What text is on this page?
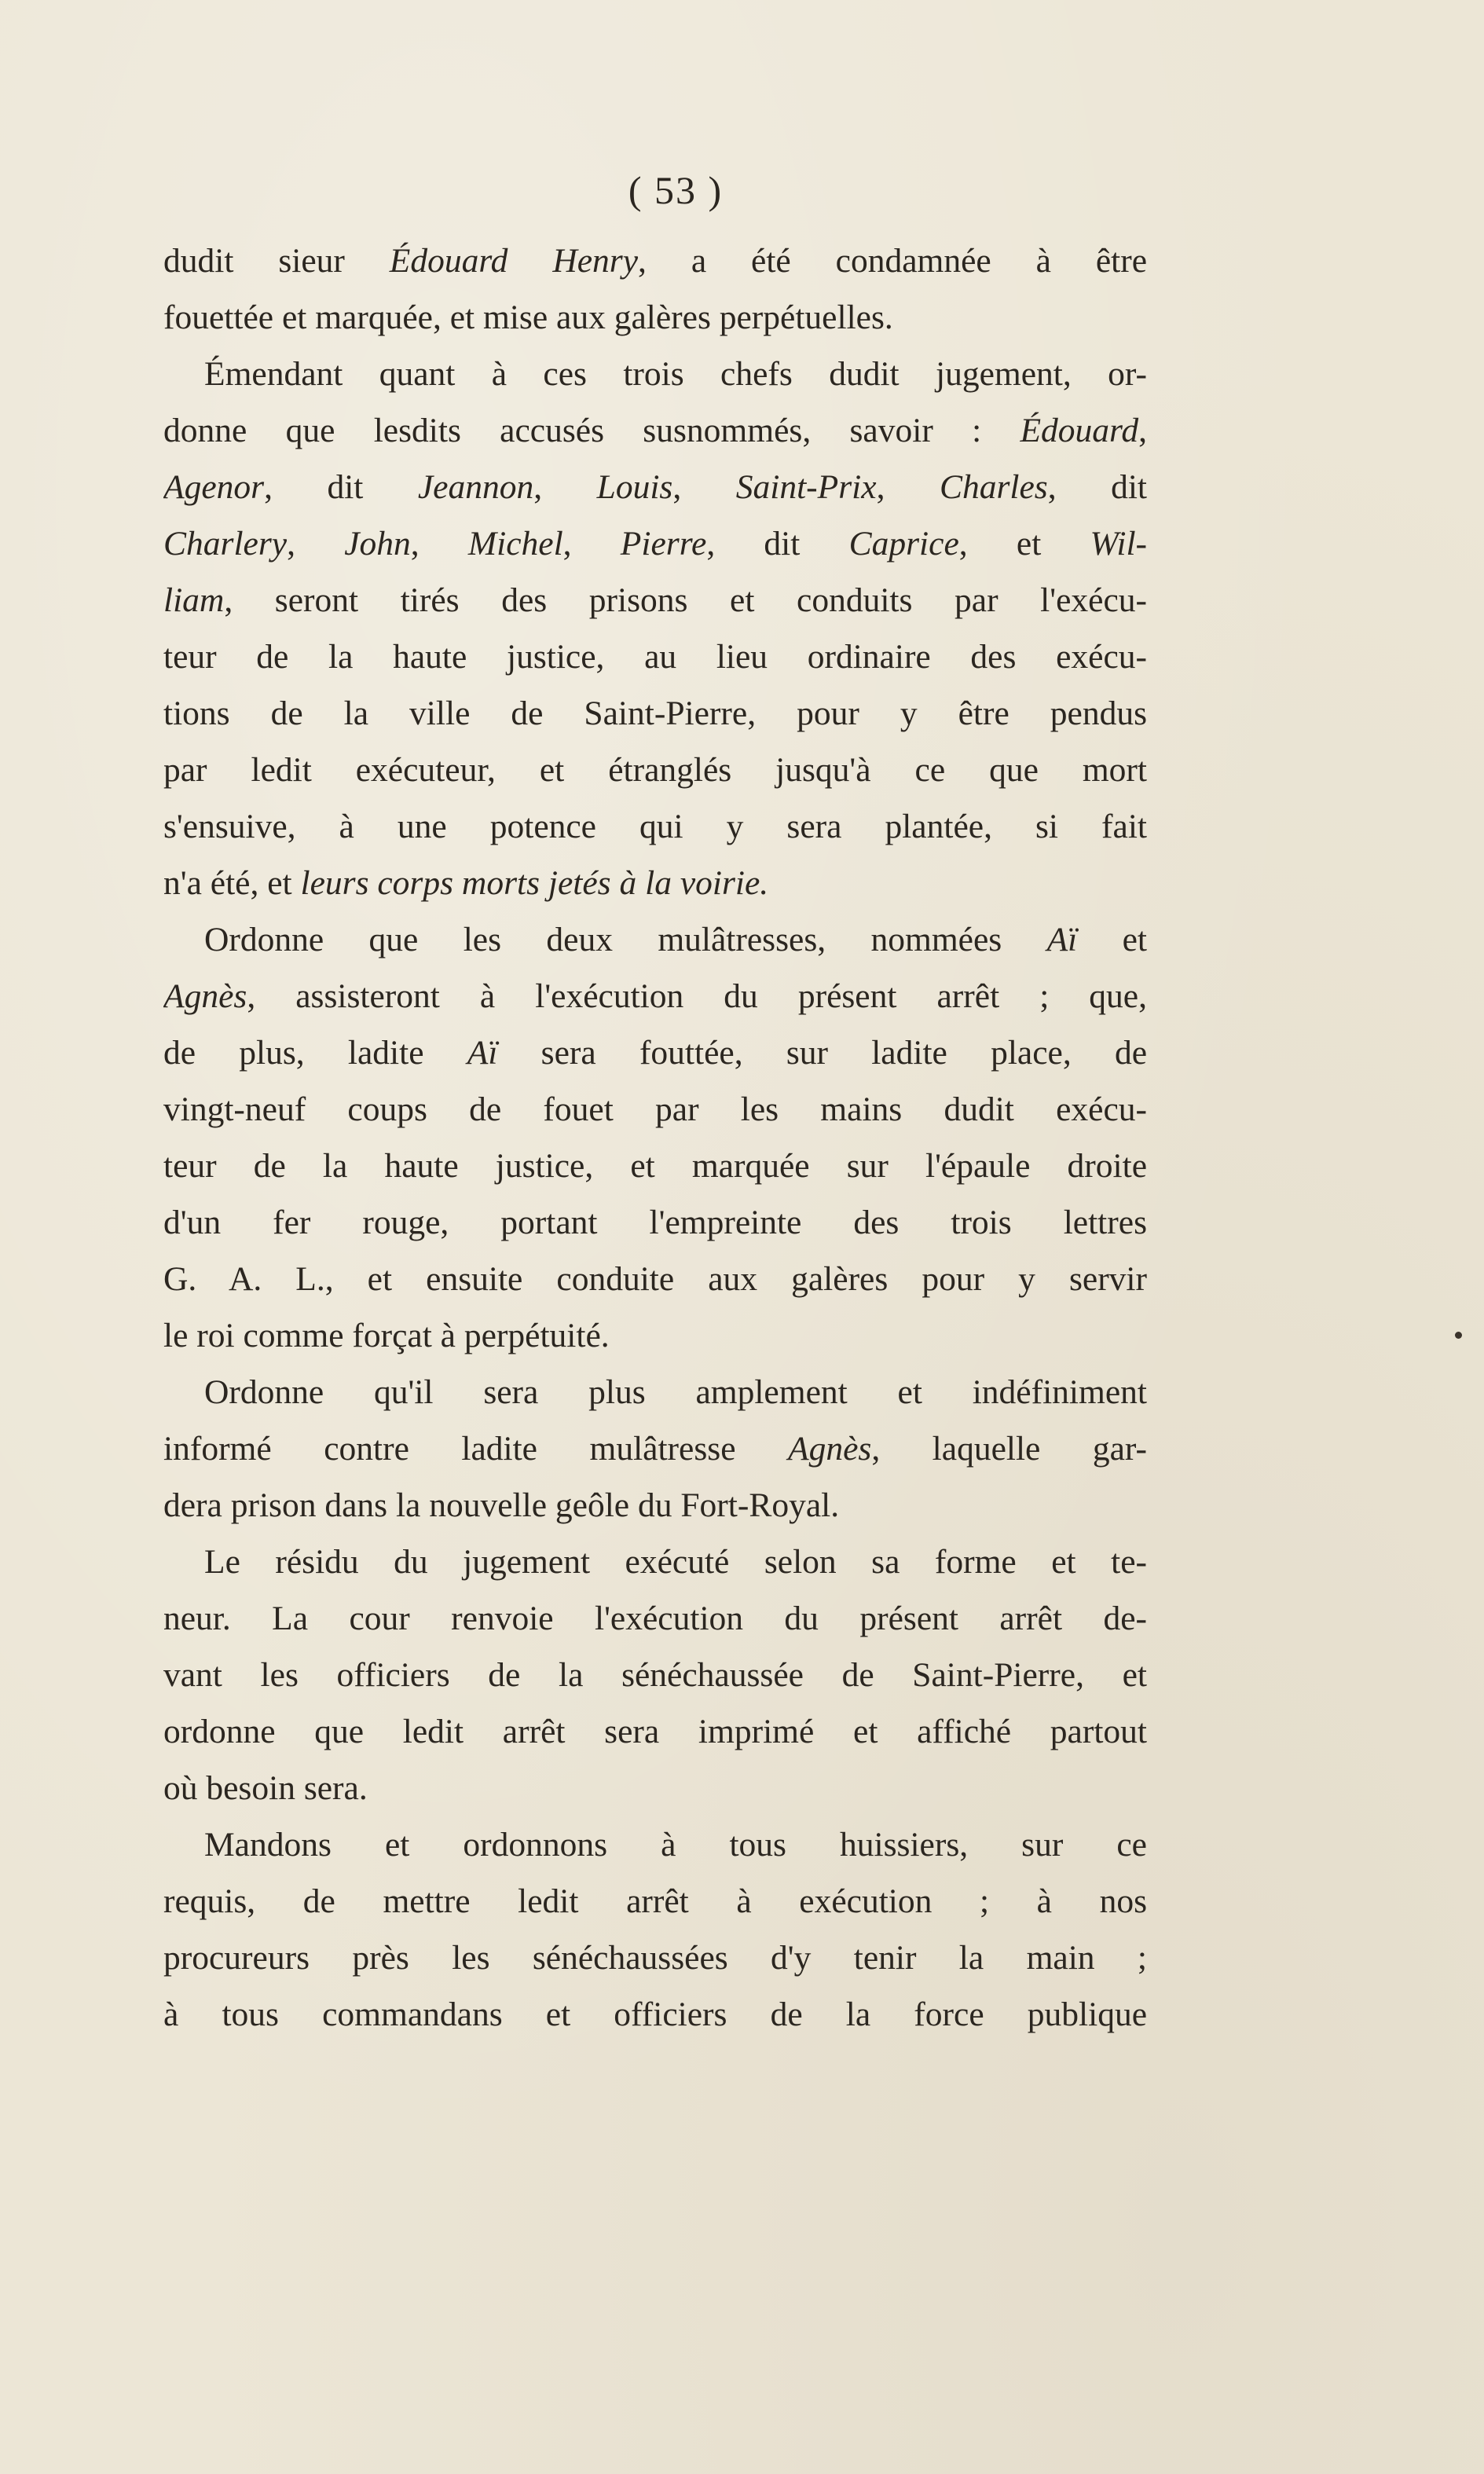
( 53 )
dudit sieur Édouard Henry, a été condamnée à être
fouettée et marquée, et mise aux galères perpétuelles.
Émendant quant à ces trois chefs dudit jugement, or-
donne que lesdits accusés susnommés, savoir : Édouard,
Agenor, dit Jeannon, Louis, Saint-Prix, Charles, dit
Charlery, John, Michel, Pierre, dit Caprice, et Wil-
liam, seront tirés des prisons et conduits par l'exécu-
teur de la haute justice, au lieu ordinaire des exécu-
tions de la ville de Saint-Pierre, pour y être pendus
par ledit exécuteur, et étranglés jusqu'à ce que mort
s'ensuive, à une potence qui y sera plantée, si fait
n'a été, et leurs corps morts jetés à la voirie.
Ordonne que les deux mulâtresses, nommées Aï et
Agnès, assisteront à l'exécution du présent arrêt ; que,
de plus, ladite Aï sera fouttée, sur ladite place, de
vingt-neuf coups de fouet par les mains dudit exécu-
teur de la haute justice, et marquée sur l'épaule droite
d'un fer rouge, portant l'empreinte des trois lettres
G. A. L., et ensuite conduite aux galères pour y servir
le roi comme forçat à perpétuité.
Ordonne qu'il sera plus amplement et indéfiniment
informé contre ladite mulâtresse Agnès, laquelle gar-
dera prison dans la nouvelle geôle du Fort-Royal.
Le résidu du jugement exécuté selon sa forme et te-
neur. La cour renvoie l'exécution du présent arrêt de-
vant les officiers de la sénéchaussée de Saint-Pierre, et
ordonne que ledit arrêt sera imprimé et affiché partout
où besoin sera.
Mandons et ordonnons à tous huissiers, sur ce
requis, de mettre ledit arrêt à exécution ; à nos
procureurs près les sénéchaussées d'y tenir la main ;
à tous commandans et officiers de la force publique
